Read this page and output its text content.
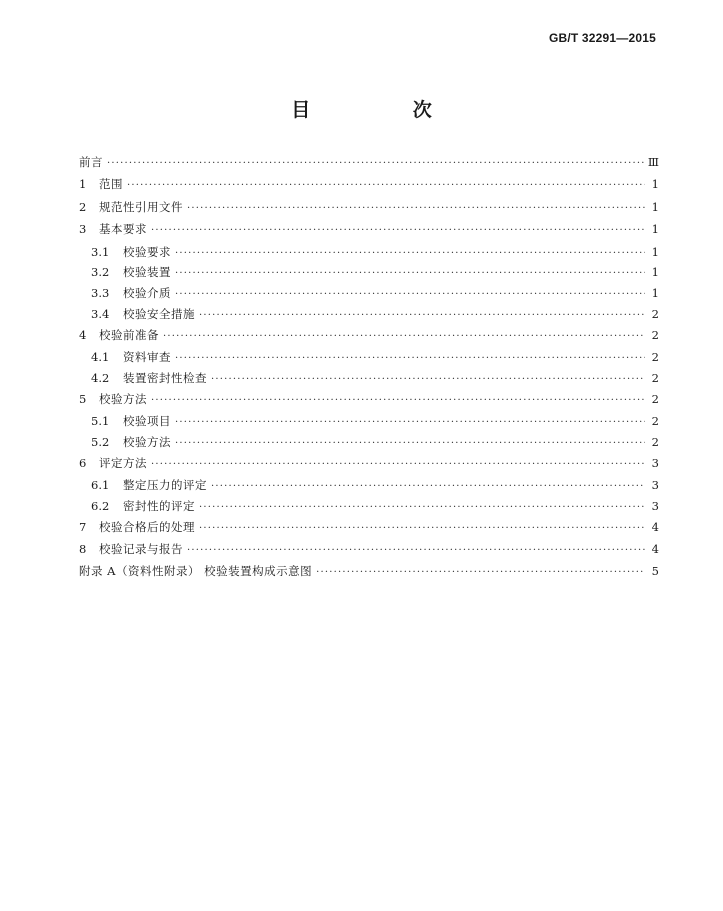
GB/T 32291—2015
目 次
前言 ·····	Ⅲ
1	范围 ·····	1
2	规范性引用文件 ·····	1
3	基本要求 ·····	1
3.1	校验要求 ·····	1
3.2	校验装置 ·····	1
3.3	校验介质 ·····	1
3.4	校验安全措施 ·····	2
4	校验前准备 ·····	2
4.1	资料审查 ·····	2
4.2	装置密封性检查 ·····	2
5	校验方法 ·····	2
5.1	校验项目 ·····	2
5.2	校验方法 ·····	2
6	评定方法 ·····	3
6.1	整定压力的评定 ·····	3
6.2	密封性的评定 ·····	3
7	校验合格后的处理 ·····	4
8	校验记录与报告 ·····	4
附录 A（资料性附录） 校验装置构成示意图 ·····	5
